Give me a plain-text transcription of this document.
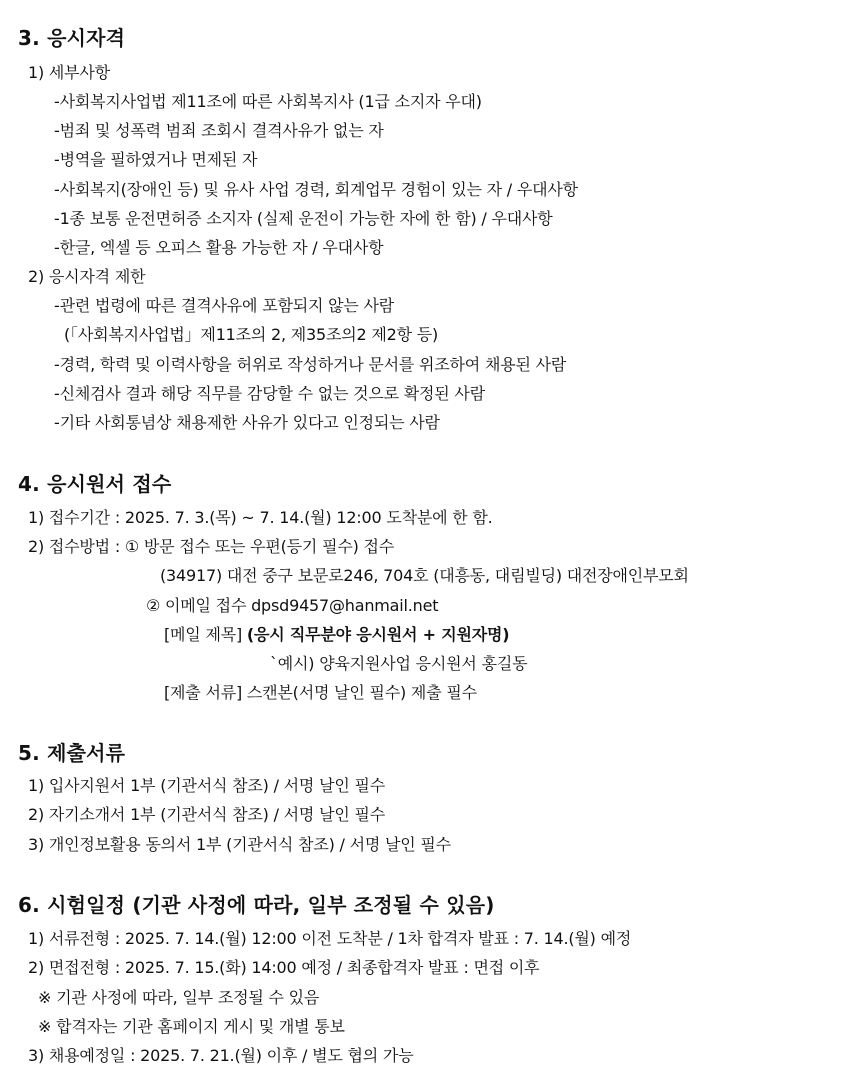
3. 응시자격
1) 세부사항
-사회복지사업법 제11조에 따른 사회복지사 (1급 소지자 우대)
-범죄 및 성폭력 범죄 조회시 결격사유가 없는 자
-병역을 필하였거나 면제된 자
-사회복지(장애인 등) 및 유사 사업 경력, 회계업무 경험이 있는 자 / 우대사항
-1종 보통 운전면허증 소지자 (실제 운전이 가능한 자에 한 함) / 우대사항
-한글, 엑셀 등 오피스 활용 가능한 자 / 우대사항
2) 응시자격 제한
-관련 법령에 따른 결격사유에 포함되지 않는 사람
(「사회복지사업법」제11조의 2, 제35조의2 제2항 등)
-경력, 학력 및 이력사항을 허위로 작성하거나 문서를 위조하여 채용된 사람
-신체검사 결과 해당 직무를 감당할 수 없는 것으로 확정된 사람
-기타 사회통념상 채용제한 사유가 있다고 인정되는 사람
4. 응시원서 접수
1) 접수기간 : 2025. 7. 3.(목) ~ 7. 14.(월) 12:00 도착분에 한 함.
2) 접수방법 : ① 방문 접수 또는 우편(등기 필수) 접수
(34917) 대전 중구 보문로246, 704호 (대흥동, 대림빌딩) 대전장애인부모회
② 이메일 접수 dpsd9457@hanmail.net
[메일 제목] (응시 직무분야 응시원서 + 지원자명)
`예시) 양육지원사업 응시원서 홍길동
[제출 서류] 스캔본(서명 날인 필수) 제출 필수
5. 제출서류
1) 입사지원서 1부 (기관서식 참조) / 서명 날인 필수
2) 자기소개서 1부 (기관서식 참조) / 서명 날인 필수
3) 개인정보활용 동의서 1부 (기관서식 참조) / 서명 날인 필수
6. 시험일정 (기관 사정에 따라, 일부 조정될 수 있음)
1) 서류전형 : 2025. 7. 14.(월) 12:00 이전 도착분 / 1차 합격자 발표 : 7. 14.(월) 예정
2) 면접전형 : 2025. 7. 15.(화) 14:00 예정 / 최종합격자 발표 : 면접 이후
※ 기관 사정에 따라, 일부 조정될 수 있음
※ 합격자는 기관 홈페이지 게시 및 개별 통보
3) 채용예정일 : 2025. 7. 21.(월) 이후 / 별도 협의 가능
